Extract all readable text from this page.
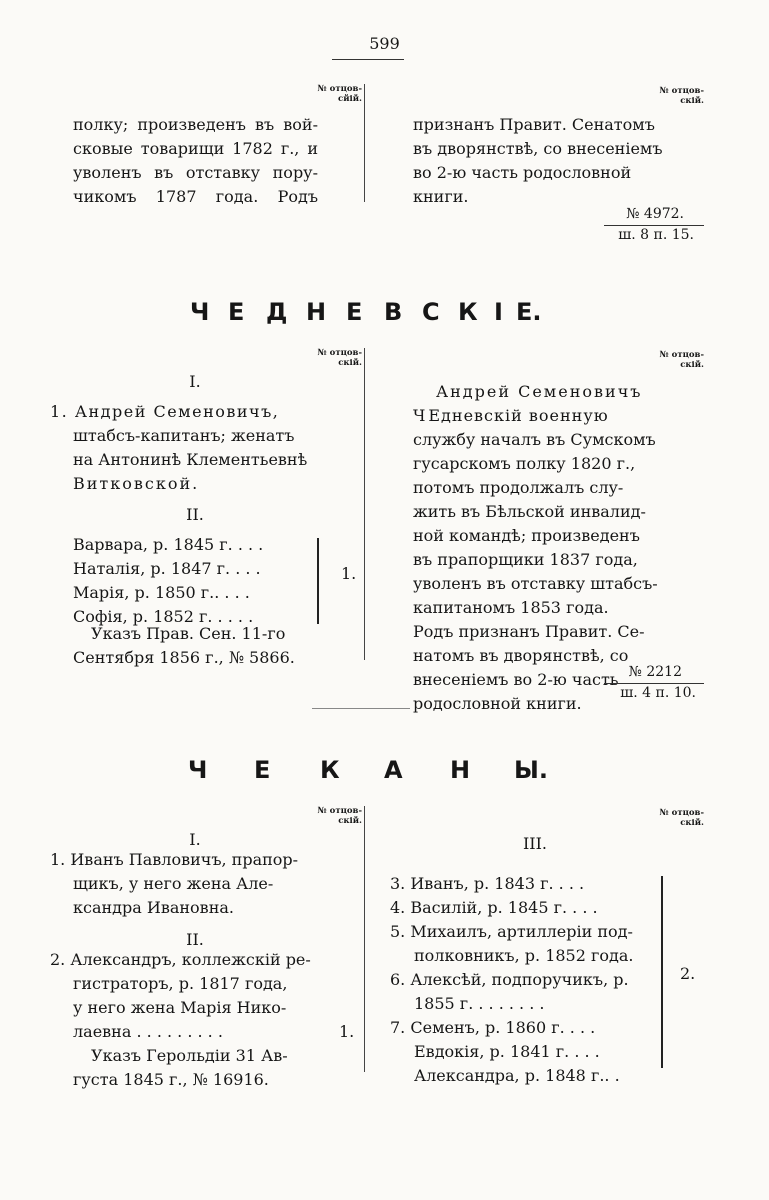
599
№ отцов-
сйій.
№ отцов-
скій.
полку; произведенъ въ вой-
сковые товарищи 1782 г., и
уволенъ въ отставку пору-
чикомъ 1787 года. Родъ
признанъ Правит. Сенатомъ
въ дворянствѣ, со внесеніемъ
во 2-ю часть родословной
книги.
№ 4972.
ш. 8 п. 15.
Ч Е Д Н Е В С К І Е.
№ отцов-
скій.
№ отцов-
скій.
I.
1. Андрей Семеновичъ,
штабсъ-капитанъ; женатъ
на Антонинѣ Клементьевнѣ
Витковской.
II.
Варвара, р. 1845 г. . . .
Наталія, р. 1847 г. . . .
Марія, р. 1850 г.. . . .
Софія, р. 1852 г. . . . .
1.
Указъ Прав. Сен. 11-го
Сентября 1856 г., № 5866.
Андрей Семеновичъ
ЧЕдневскій военную
службу началъ въ Сумскомъ
гусарскомъ полку 1820 г.,
потомъ продолжалъ слу-
жить въ Бѣльской инвалид-
ной командѣ; произведенъ
въ прапорщики 1837 года,
уволенъ въ отставку штабсъ-
капитаномъ 1853 года.
Родъ признанъ Правит. Се-
натомъ въ дворянствѣ, со
внесеніемъ во 2-ю часть
родословной книги.
№ 2212
ш. 4 п. 10.
Ч Е К А Н Ы.
№ отцов-
скій.
№ отцов-
скій.
I.
1. Иванъ Павловичъ, прапор-
щикъ, у него жена Але-
ксандра Ивановна.
II.
2. Александръ, коллежскій ре-
гистраторъ, р. 1817 года,
у него жена Марія Нико-
лаевна . . . . . . . . .	1.
Указъ Герольдіи 31 Ав-
густа 1845 г., № 16916.
III.
3. Иванъ, р. 1843 г. . . .
4. Василій, р. 1845 г. . . .
5. Михаилъ, артиллеріи под-
полковникъ, р. 1852 года.
6. Алексѣй, подпоручикъ, р.
1855 г. . . . . . . .
7. Семенъ, р. 1860 г. . . .
Евдокія, р. 1841 г. . . .
Александра, р. 1848 г.. .
2.
